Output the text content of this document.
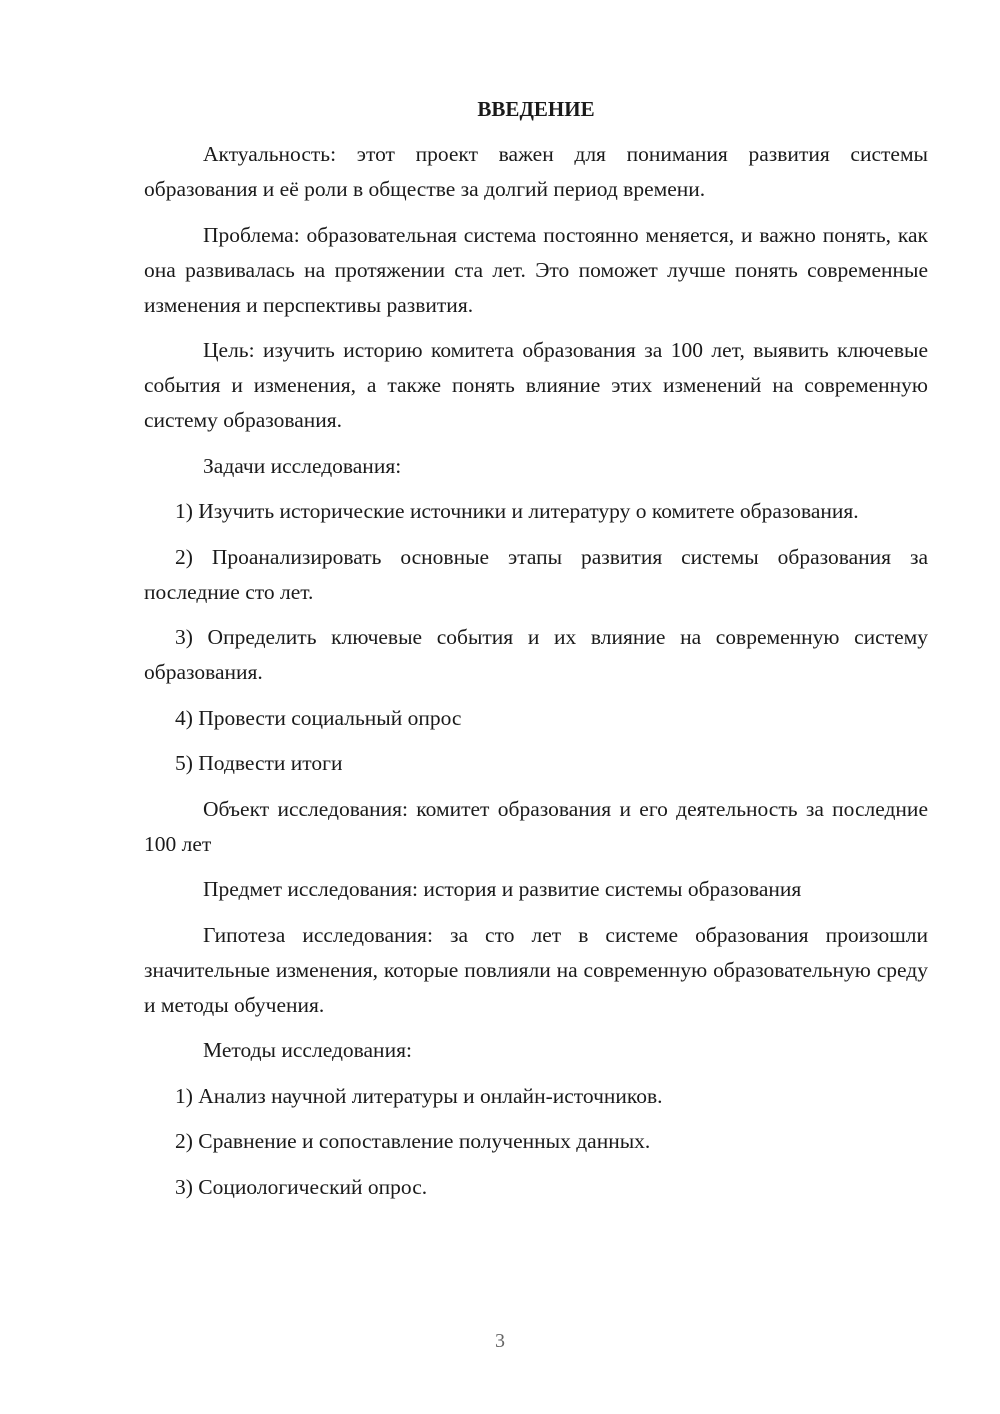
ВВЕДЕНИЕ

Актуальность: этот проект важен для понимания развития системы образования и её роли в обществе за долгий период времени.

Проблема: образовательная система постоянно меняется, и важно понять, как она развивалась на протяжении ста лет. Это поможет лучше понять современные изменения и перспективы развития.

Цель: изучить историю комитета образования за 100 лет, выявить ключевые события и изменения, а также понять влияние этих изменений на современную систему образования.

Задачи исследования:

1) Изучить исторические источники и литературу о комитете образования.

2) Проанализировать основные этапы развития системы образования за последние сто лет.

3) Определить ключевые события и их влияние на современную систему образования.

4) Провести социальный опрос

5) Подвести итоги

Объект исследования: комитет образования и его деятельность за последние 100 лет

Предмет исследования: история и развитие системы образования

Гипотеза исследования: за сто лет в системе образования произошли значительные изменения, которые повлияли на современную образовательную среду и методы обучения.

Методы исследования:

1) Анализ научной литературы и онлайн-источников.

2) Сравнение и сопоставление полученных данных.

3) Социологический опрос.

3
